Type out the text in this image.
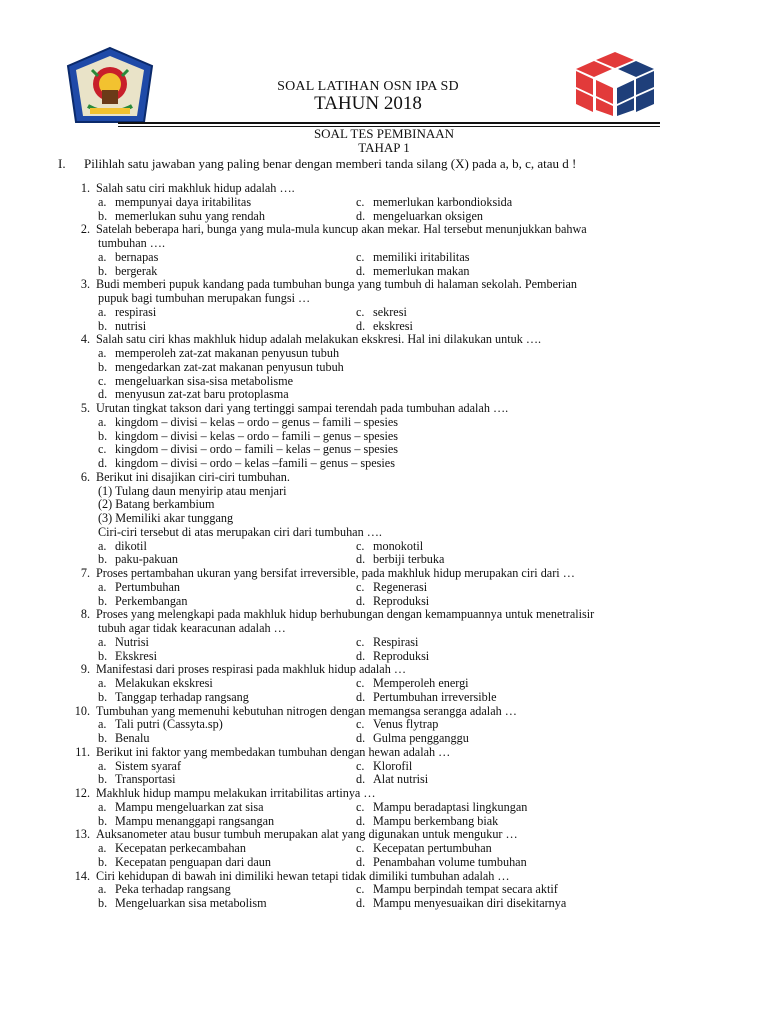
SOAL LATIHAN OSN IPA SD
TAHUN 2018
SOAL TES PEMBINAAN
TAHAP 1
I. Pilihlah satu jawaban yang paling benar dengan memberi tanda silang (X) pada a, b, c, atau d !
1. Salah satu ciri makhluk hidup adalah ….
a. mempunyai daya iritabilitas	c. memerlukan karbondioksida
b. memerlukan suhu yang rendah	d. mengeluarkan oksigen
2. Satelah beberapa hari, bunga yang mula-mula kuncup akan mekar. Hal tersebut menunjukkan bahwa
tumbuhan ….
a. bernapas	c. memiliki iritabilitas
b. bergerak	d. memerlukan makan
3. Budi memberi pupuk kandang pada tumbuhan bunga yang tumbuh di halaman sekolah. Pemberian
pupuk bagi tumbuhan merupakan fungsi …
a. respirasi	c. sekresi
b. nutrisi	d. ekskresi
4. Salah satu ciri khas makhluk hidup adalah melakukan ekskresi. Hal ini dilakukan untuk ….
a. memperoleh zat-zat makanan penyusun tubuh
b. mengedarkan zat-zat makanan penyusun tubuh
c. mengeluarkan sisa-sisa metabolisme
d. menyusun zat-zat baru protoplasma
5. Urutan tingkat takson dari yang tertinggi sampai terendah pada tumbuhan adalah ….
a. kingdom – divisi – kelas – ordo – genus – famili – spesies
b. kingdom – divisi – kelas – ordo – famili – genus – spesies
c. kingdom – divisi – ordo – famili – kelas – genus – spesies
d. kingdom – divisi – ordo – kelas –famili – genus – spesies
6. Berikut ini disajikan ciri-ciri tumbuhan.
(1) Tulang daun menyirip atau menjari
(2) Batang berkambium
(3) Memiliki akar tunggang
Ciri-ciri tersebut di atas merupakan ciri dari tumbuhan ….
a. dikotil	c. monokotil
b. paku-pakuan	d. berbiji terbuka
7. Proses pertambahan ukuran yang bersifat irreversible, pada makhluk hidup merupakan ciri dari …
a. Pertumbuhan	c. Regenerasi
b. Perkembangan	d. Reproduksi
8. Proses yang melengkapi pada makhluk hidup berhubungan dengan kemampuannya untuk menetralisir
tubuh agar tidak kearacunan adalah …
a. Nutrisi	c. Respirasi
b. Ekskresi	d. Reproduksi
9. Manifestasi dari proses respirasi pada makhluk hidup adalah …
a. Melakukan ekskresi	c. Memperoleh energi
b. Tanggap terhadap rangsang	d. Pertumbuhan irreversible
10. Tumbuhan yang memenuhi kebutuhan nitrogen dengan memangsa serangga adalah …
a. Tali putri (Cassyta.sp)	c. Venus flytrap
b. Benalu	d. Gulma pengganggu
11. Berikut ini faktor yang membedakan tumbuhan dengan hewan adalah …
a. Sistem syaraf	c. Klorofil
b. Transportasi	d. Alat nutrisi
12. Makhluk hidup mampu melakukan irritabilitas artinya …
a. Mampu mengeluarkan zat sisa	c. Mampu beradaptasi lingkungan
b. Mampu menanggapi rangsangan	d. Mampu berkembang biak
13. Auksanometer atau busur tumbuh merupakan alat yang digunakan untuk mengukur …
a. Kecepatan perkecambahan	c. Kecepatan pertumbuhan
b. Kecepatan penguapan dari daun	d. Penambahan volume tumbuhan
14. Ciri kehidupan di bawah ini dimiliki hewan tetapi tidak dimiliki tumbuhan adalah …
a. Peka terhadap rangsang	c. Mampu berpindah tempat secara aktif
b. Mengeluarkan sisa metabolism	d. Mampu menyesuaikan diri disekitarnya
